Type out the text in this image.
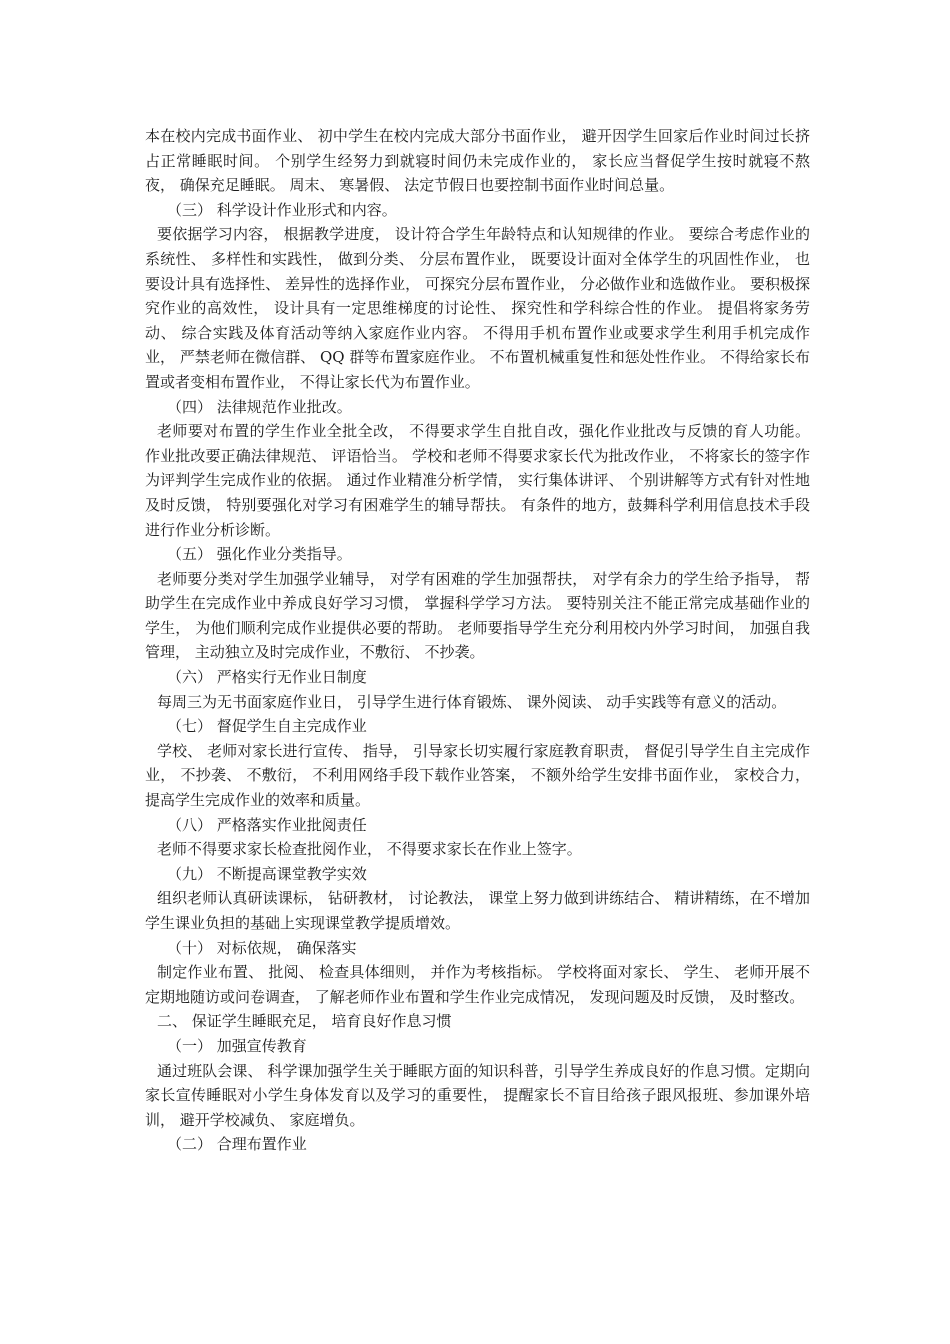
本在校内完成书面作业、 初中学生在校内完成大部分书面作业， 避开因学生回家后作业时间过长挤占正常睡眠时间。 个别学生经努力到就寝时间仍未完成作业的， 家长应当督促学生按时就寝不熬夜， 确保充足睡眠。 周末、 寒暑假、 法定节假日也要控制书面作业时间总量。

（三） 科学设计作业形式和内容。

要依据学习内容， 根据教学进度， 设计符合学生年龄特点和认知规律的作业。 要综合考虑作业的系统性、 多样性和实践性， 做到分类、 分层布置作业， 既要设计面对全体学生的巩固性作业， 也要设计具有选择性、 差异性的选择作业， 可探究分层布置作业， 分必做作业和选做作业。 要积极探究作业的高效性， 设计具有一定思维梯度的讨论性、 探究性和学科综合性的作业。 提倡将家务劳动、 综合实践及体育活动等纳入家庭作业内容。 不得用手机布置作业或要求学生利用手机完成作业， 严禁老师在微信群、 QQ 群等布置家庭作业。 不布置机械重复性和惩处性作业。 不得给家长布置或者变相布置作业， 不得让家长代为布置作业。

（四） 法律规范作业批改。

老师要对布置的学生作业全批全改， 不得要求学生自批自改，强化作业批改与反馈的育人功能。 作业批改要正确法律规范、 评语恰当。 学校和老师不得要求家长代为批改作业， 不将家长的签字作为评判学生完成作业的依据。 通过作业精准分析学情， 实行集体讲评、 个别讲解等方式有针对性地及时反馈， 特别要强化对学习有困难学生的辅导帮扶。 有条件的地方，鼓舞科学利用信息技术手段进行作业分析诊断。

（五） 强化作业分类指导。

老师要分类对学生加强学业辅导， 对学有困难的学生加强帮扶， 对学有余力的学生给予指导， 帮助学生在完成作业中养成良好学习习惯， 掌握科学学习方法。 要特别关注不能正常完成基础作业的学生， 为他们顺利完成作业提供必要的帮助。 老师要指导学生充分利用校内外学习时间， 加强自我管理， 主动独立及时完成作业，不敷衍、 不抄袭。

（六） 严格实行无作业日制度

每周三为无书面家庭作业日， 引导学生进行体育锻炼、 课外阅读、 动手实践等有意义的活动。

（七） 督促学生自主完成作业

学校、 老师对家长进行宣传、 指导， 引导家长切实履行家庭教育职责， 督促引导学生自主完成作业， 不抄袭、 不敷衍， 不利用网络手段下载作业答案， 不额外给学生安排书面作业， 家校合力， 提高学生完成作业的效率和质量。

（八） 严格落实作业批阅责任

老师不得要求家长检查批阅作业， 不得要求家长在作业上签字。

（九） 不断提高课堂教学实效

组织老师认真研读课标， 钻研教材， 讨论教法， 课堂上努力做到讲练结合、 精讲精练，在不增加学生课业负担的基础上实现课堂教学提质增效。

（十） 对标依规， 确保落实

制定作业布置、 批阅、 检查具体细则， 并作为考核指标。 学校将面对家长、 学生、 老师开展不定期地随访或问卷调查， 了解老师作业布置和学生作业完成情况， 发现问题及时反馈， 及时整改。

二、 保证学生睡眠充足， 培育良好作息习惯

（一） 加强宣传教育

通过班队会课、 科学课加强学生关于睡眠方面的知识科普，引导学生养成良好的作息习惯。定期向家长宣传睡眠对小学生身体发育以及学习的重要性， 提醒家长不盲目给孩子跟风报班、参加课外培训， 避开学校减负、 家庭增负。

（二） 合理布置作业
